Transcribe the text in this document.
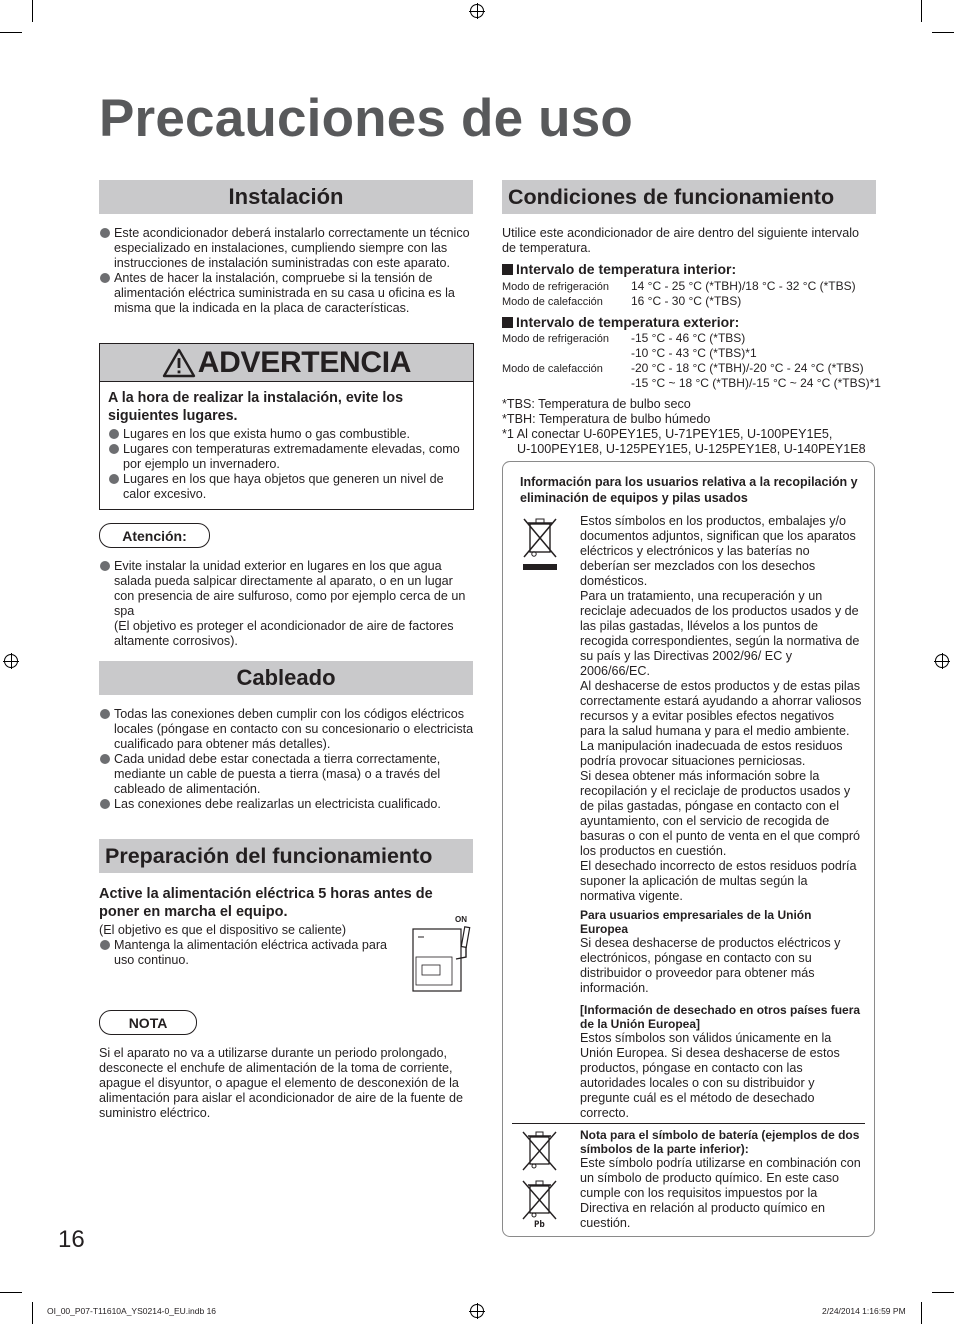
Precauciones de uso
Instalación
Este acondicionador deberá instalarlo correctamente un técnico especializado en instalaciones, cumpliendo siempre con las instrucciones de instalación suministradas con este aparato.
Antes de hacer la instalación, compruebe si la tensión de alimentación eléctrica suministrada en su casa u oficina es la misma que la indicada en la placa de características.
ADVERTENCIA
A la hora de realizar la instalación, evite los siguientes lugares.
Lugares en los que exista humo o gas combustible.
Lugares con temperaturas extremadamente elevadas, como por ejemplo un invernadero.
Lugares en los que haya objetos que generen un nivel de calor excesivo.
Atención:
Evite instalar la unidad exterior en lugares en los que agua salada pueda salpicar directamente al aparato, o en un lugar con presencia de aire sulfuroso, como por ejemplo cerca de un spa
(El objetivo es proteger el acondicionador de aire de factores altamente corrosivos).
Cableado
Todas las conexiones deben cumplir con los códigos eléctricos locales (póngase en contacto con su concesionario o electricista cualificado para obtener más detalles).
Cada unidad debe estar conectada a tierra correctamente, mediante un cable de puesta a tierra (masa) o a través del cableado de alimentación.
Las conexiones debe realizarlas un electricista cualificado.
Preparación del funcionamiento
Active la alimentación eléctrica 5 horas antes de poner en marcha el equipo.
(El objetivo es que el dispositivo se caliente)
Mantenga la alimentación eléctrica activada para uso continuo.
ON
NOTA
Si el aparato no va a utilizarse durante un periodo prolongado, desconecte el enchufe de alimentación de la toma de corriente, apague el disyuntor, o apague el elemento de desconexión de la alimentación para aislar el acondicionador de aire de la fuente de suministro eléctrico.
16
Condiciones de funcionamiento
Utilice este acondicionador de aire dentro del siguiente intervalo de temperatura.
Intervalo de temperatura interior:
Modo de refrigeración 14 °C - 25 °C (*TBH)/18 °C - 32 °C (*TBS)
Modo de calefacción 16 °C - 30 °C (*TBS)
Intervalo de temperatura exterior:
Modo de refrigeración -15 °C - 46 °C (*TBS)
-10 °C - 43 °C (*TBS)*1
Modo de calefacción -20 °C - 18 °C (*TBH)/-20 °C - 24 °C (*TBS)
-15 °C ~ 18 °C (*TBH)/-15 °C ~ 24 °C (*TBS)*1
*TBS: Temperatura de bulbo seco
*TBH: Temperatura de bulbo húmedo
*1 Al conectar U-60PEY1E5, U-71PEY1E5, U-100PEY1E5,
U-100PEY1E8, U-125PEY1E5, U-125PEY1E8, U-140PEY1E8
Información para los usuarios relativa a la recopilación y eliminación de equipos y pilas usados
Estos símbolos en los productos, embalajes y/o documentos adjuntos, significan que los aparatos eléctricos y electrónicos y las baterías no deberían ser mezclados con los desechos domésticos.
Para un tratamiento, una recuperación y un reciclaje adecuados de los productos usados y de las pilas gastadas, llévelos a los puntos de recogida correspondientes, según la normativa de su país y las Directivas 2002/96/ EC y 2006/66/EC.
Al deshacerse de estos productos y de estas pilas correctamente estará ayudando a ahorrar valiosos recursos y a evitar posibles efectos negativos para la salud humana y para el medio ambiente. La manipulación inadecuada de estos residuos podría provocar situaciones perniciosas.
Si desea obtener más información sobre la recopilación y el reciclaje de productos usados y de pilas gastadas, póngase en contacto con el ayuntamiento, con el servicio de recogida de basuras o con el punto de venta en el que compró los productos en cuestión.
El desechado incorrecto de estos residuos podría suponer la aplicación de multas según la normativa vigente.
Para usuarios empresariales de la Unión Europea
Si desea deshacerse de productos eléctricos y electrónicos, póngase en contacto con su distribuidor o proveedor para obtener más información.
[Información de desechado en otros países fuera de la Unión Europea]
Estos símbolos son válidos únicamente en la Unión Europea. Si desea deshacerse de estos productos, póngase en contacto con las autoridades locales o con su distribuidor y pregunte cuál es el método de desechado correcto.
Pb
Nota para el símbolo de batería (ejemplos de dos símbolos de la parte inferior):
Este símbolo podría utilizarse en combinación con un símbolo de producto químico. En este caso cumple con los requisitos impuestos por la Directiva en relación al producto químico en cuestión.
OI_00_P07-T11610A_YS0214-0_EU.indb 16	2/24/2014 1:16:59 PM
